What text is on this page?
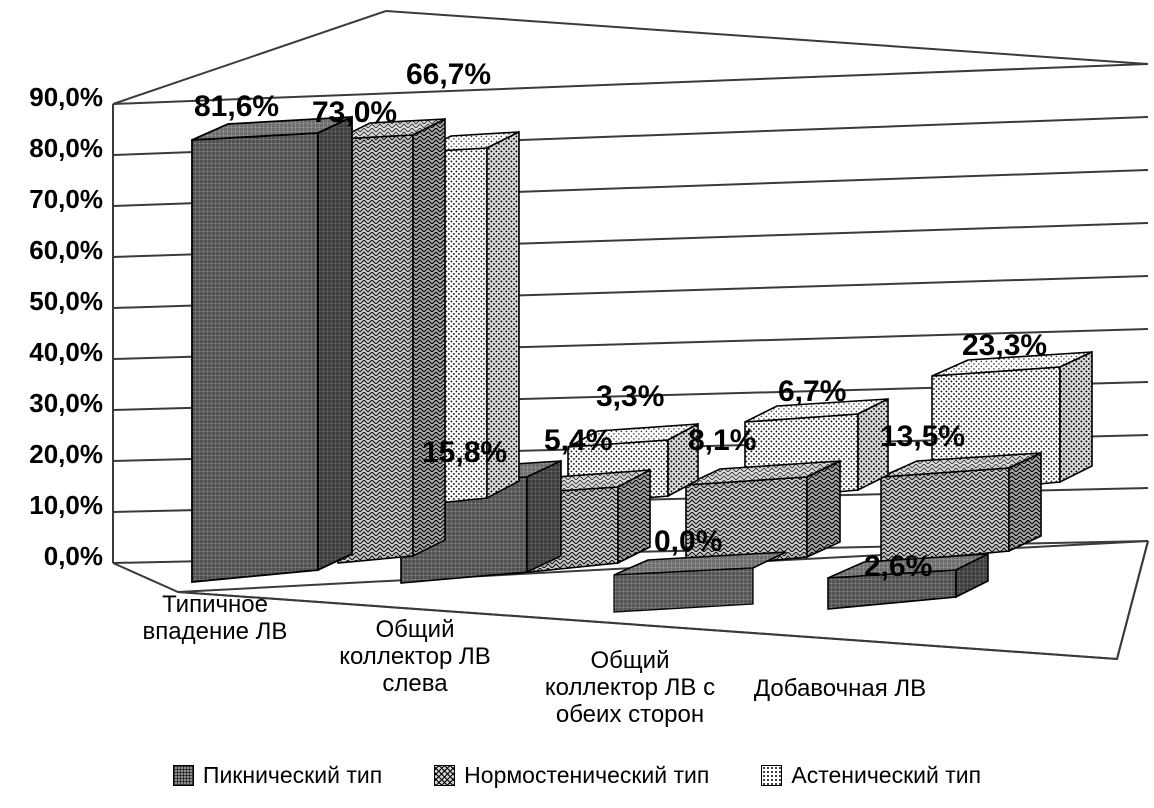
90,0%
80,0%
70,0%
60,0%
50,0%
40,0%
30,0%
20,0%
10,0%
0,0%
Типичное
впадение ЛВ	Общий
коллектор ЛВ
слева
Общий
коллектор ЛВ с
обеих сторон
Добавочная ЛВ
81,6% 73,0%
66,7%
15,8% 5,4%
3,3%
0,0%
8,1%
6,7%
2,6%
13,5%
23,3%
Пикнический тип	Нормостенический тип	Астенический тип
